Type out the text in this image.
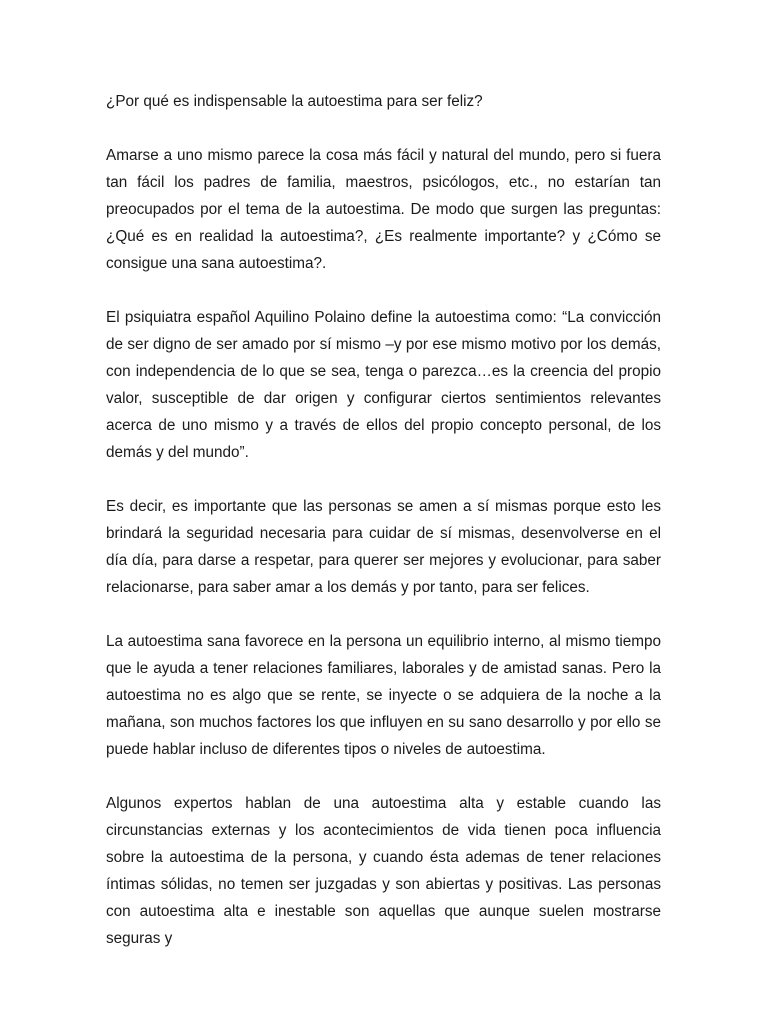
¿Por qué es indispensable la autoestima para ser feliz?

Amarse a uno mismo parece la cosa más fácil y natural del mundo, pero si fuera tan fácil los padres de familia, maestros, psicólogos, etc., no estarían tan preocupados por el tema de la autoestima. De modo que surgen las preguntas: ¿Qué es en realidad la autoestima?, ¿Es realmente importante? y ¿Cómo se consigue una sana autoestima?.

El psiquiatra español Aquilino Polaino define la autoestima como: “La convicción de ser digno de ser amado por sí mismo –y por ese mismo motivo por los demás, con independencia de lo que se sea, tenga o parezca…es la creencia del propio valor, susceptible de dar origen y configurar ciertos sentimientos relevantes acerca de uno mismo y a través de ellos del propio concepto personal, de los demás y del mundo”.

Es decir, es importante que las personas se amen a sí mismas porque esto les brindará la seguridad necesaria para cuidar de sí mismas, desenvolverse en el día día, para darse a respetar, para querer ser mejores y evolucionar, para saber relacionarse, para saber amar a los demás y por tanto, para ser felices.

La autoestima sana favorece en la persona un equilibrio interno, al mismo tiempo que le ayuda a tener relaciones familiares, laborales y de amistad sanas. Pero la autoestima no es algo que se rente, se inyecte o se adquiera de la noche a la mañana, son muchos factores los que influyen en su sano desarrollo y por ello se puede hablar incluso de diferentes tipos o niveles de autoestima.

Algunos expertos hablan de una autoestima alta y estable cuando las circunstancias externas y los acontecimientos de vida tienen poca influencia sobre la autoestima de la persona, y cuando ésta ademas de tener relaciones íntimas sólidas, no temen ser juzgadas y son abiertas y positivas. Las personas con autoestima alta e inestable son aquellas que aunque suelen mostrarse seguras y
